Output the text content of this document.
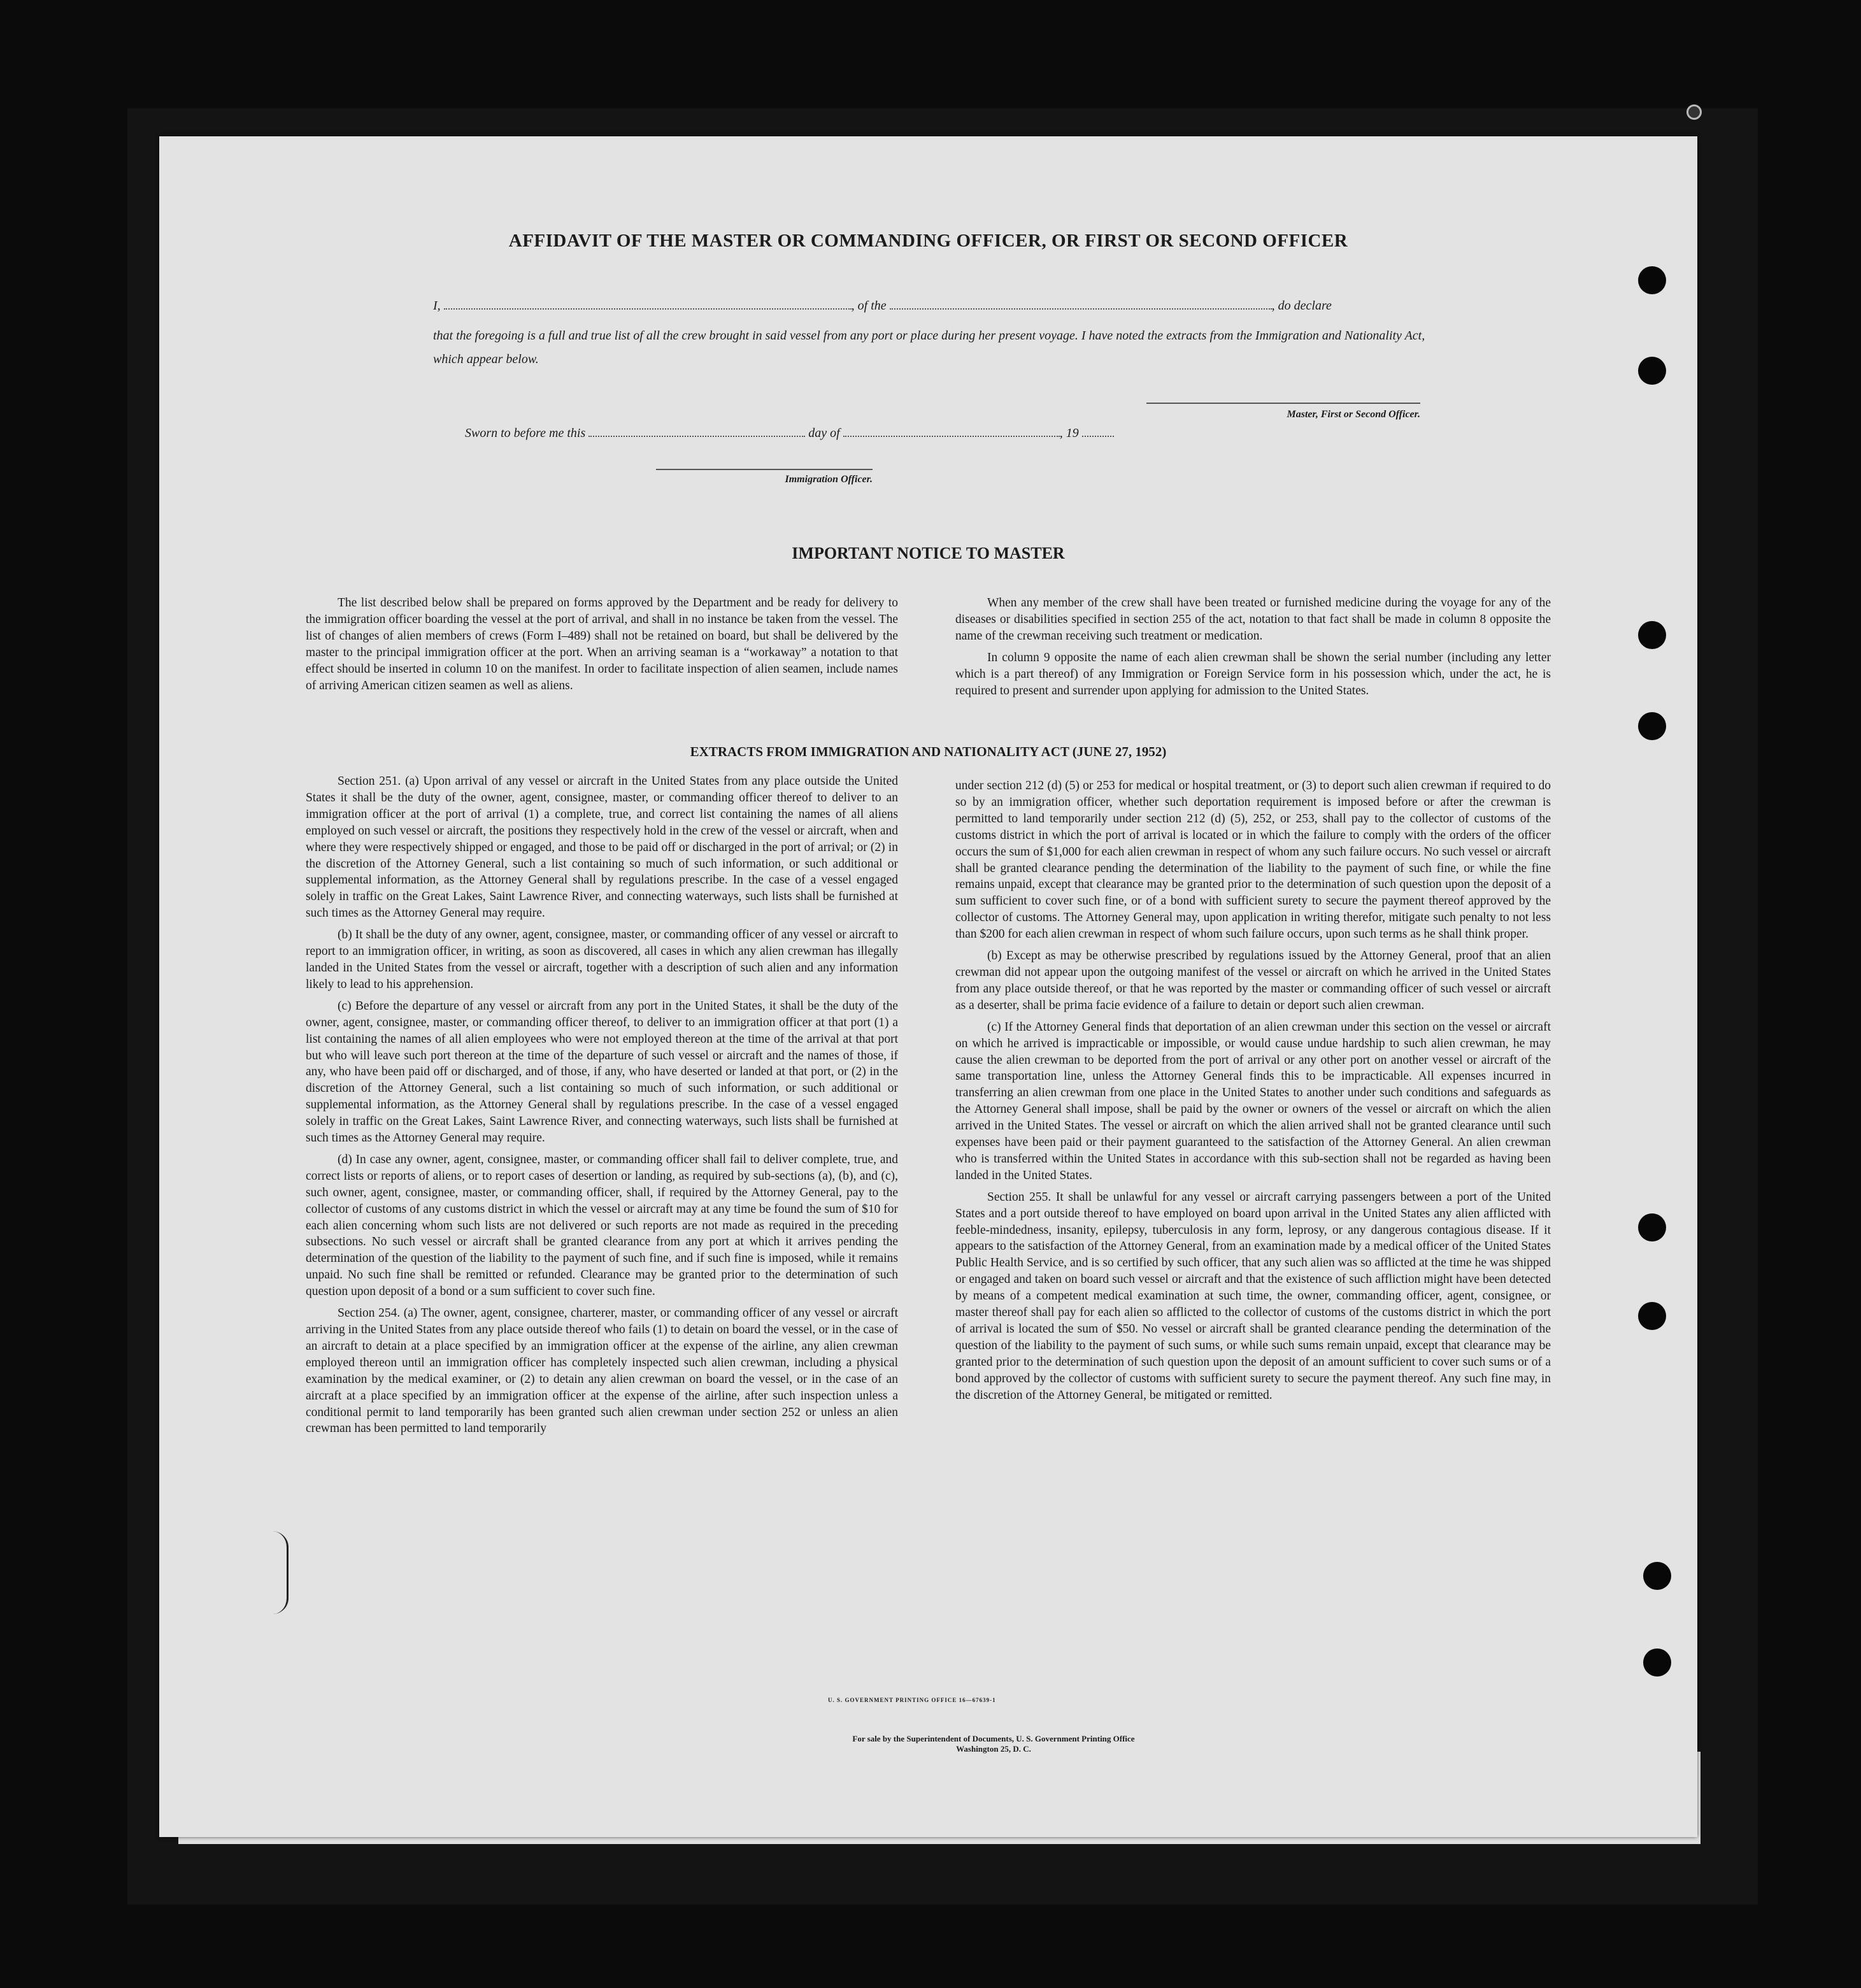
AFFIDAVIT OF THE MASTER OR COMMANDING OFFICER, OR FIRST OR SECOND OFFICER
I,	, of the	, do declare
that the foregoing is a full and true list of all the crew brought in said vessel from any port or place during her present voyage. I have noted the extracts from the Immigration and Nationality Act, which appear below.
Master, First or Second Officer.
Sworn to before me this	day of	, 19
Immigration Officer.
IMPORTANT NOTICE TO MASTER

The list described below shall be prepared on forms approved by the Department and be ready for delivery to the immigration officer boarding the vessel at the port of arrival, and shall in no instance be taken from the vessel. The list of changes of alien members of crews (Form I–489) shall not be retained on board, but shall be delivered by the master to the principal immigration officer at the port. When an arriving seaman is a “workaway” a notation to that effect should be inserted in column 10 on the manifest. In order to facilitate inspection of alien seamen, include names of arriving American citizen seamen as well as aliens.

When any member of the crew shall have been treated or furnished medicine during the voyage for any of the diseases or disabilities specified in section 255 of the act, notation to that fact shall be made in column 8 opposite the name of the crewman receiving such treatment or medication.

In column 9 opposite the name of each alien crewman shall be shown the serial number (including any letter which is a part thereof) of any Immigration or Foreign Service form in his possession which, under the act, he is required to present and surrender upon applying for admission to the United States.

EXTRACTS FROM IMMIGRATION AND NATIONALITY ACT (JUNE 27, 1952)

Section 251. (a) Upon arrival of any vessel or aircraft in the United States from any place outside the United States it shall be the duty of the owner, agent, consignee, master, or commanding officer thereof to deliver to an immigration officer at the port of arrival (1) a complete, true, and correct list containing the names of all aliens employed on such vessel or aircraft, the positions they respectively hold in the crew of the vessel or aircraft, when and where they were respectively shipped or engaged, and those to be paid off or discharged in the port of arrival; or (2) in the discretion of the Attorney General, such a list containing so much of such information, or such additional or supplemental information, as the Attorney General shall by regulations prescribe. In the case of a vessel engaged solely in traffic on the Great Lakes, Saint Lawrence River, and connecting waterways, such lists shall be furnished at such times as the Attorney General may require.

(b) It shall be the duty of any owner, agent, consignee, master, or commanding officer of any vessel or aircraft to report to an immigration officer, in writing, as soon as discovered, all cases in which any alien crewman has illegally landed in the United States from the vessel or aircraft, together with a description of such alien and any information likely to lead to his apprehension.

(c) Before the departure of any vessel or aircraft from any port in the United States, it shall be the duty of the owner, agent, consignee, master, or commanding officer thereof, to deliver to an immigration officer at that port (1) a list containing the names of all alien employees who were not employed thereon at the time of the arrival at that port but who will leave such port thereon at the time of the departure of such vessel or aircraft and the names of those, if any, who have been paid off or discharged, and of those, if any, who have deserted or landed at that port, or (2) in the discretion of the Attorney General, such a list containing so much of such information, or such additional or supplemental information, as the Attorney General shall by regulations prescribe. In the case of a vessel engaged solely in traffic on the Great Lakes, Saint Lawrence River, and connecting waterways, such lists shall be furnished at such times as the Attorney General may require.

(d) In case any owner, agent, consignee, master, or commanding officer shall fail to deliver complete, true, and correct lists or reports of aliens, or to report cases of desertion or landing, as required by sub-sections (a), (b), and (c), such owner, agent, consignee, master, or commanding officer, shall, if required by the Attorney General, pay to the collector of customs of any customs district in which the vessel or aircraft may at any time be found the sum of $10 for each alien concerning whom such lists are not delivered or such reports are not made as required in the preceding subsections. No such vessel or aircraft shall be granted clearance from any port at which it arrives pending the determination of the question of the liability to the payment of such fine, and if such fine is imposed, while it remains unpaid. No such fine shall be remitted or refunded. Clearance may be granted prior to the determination of such question upon deposit of a bond or a sum sufficient to cover such fine.

Section 254. (a) The owner, agent, consignee, charterer, master, or commanding officer of any vessel or aircraft arriving in the United States from any place outside thereof who fails (1) to detain on board the vessel, or in the case of an aircraft to detain at a place specified by an immigration officer at the expense of the airline, any alien crewman employed thereon until an immigration officer has completely inspected such alien crewman, including a physical examination by the medical examiner, or (2) to detain any alien crewman on board the vessel, or in the case of an aircraft at a place specified by an immigration officer at the expense of the airline, after such inspection unless a conditional permit to land temporarily has been granted such alien crewman under section 252 or unless an alien crewman has been permitted to land temporarily

under section 212 (d) (5) or 253 for medical or hospital treatment, or (3) to deport such alien crewman if required to do so by an immigration officer, whether such deportation requirement is imposed before or after the crewman is permitted to land temporarily under section 212 (d) (5), 252, or 253, shall pay to the collector of customs of the customs district in which the port of arrival is located or in which the failure to comply with the orders of the officer occurs the sum of $1,000 for each alien crewman in respect of whom any such failure occurs. No such vessel or aircraft shall be granted clearance pending the determination of the liability to the payment of such fine, or while the fine remains unpaid, except that clearance may be granted prior to the determination of such question upon the deposit of a sum sufficient to cover such fine, or of a bond with sufficient surety to secure the payment thereof approved by the collector of customs. The Attorney General may, upon application in writing therefor, mitigate such penalty to not less than $200 for each alien crewman in respect of whom such failure occurs, upon such terms as he shall think proper.

(b) Except as may be otherwise prescribed by regulations issued by the Attorney General, proof that an alien crewman did not appear upon the outgoing manifest of the vessel or aircraft on which he arrived in the United States from any place outside thereof, or that he was reported by the master or commanding officer of such vessel or aircraft as a deserter, shall be prima facie evidence of a failure to detain or deport such alien crewman.

(c) If the Attorney General finds that deportation of an alien crewman under this section on the vessel or aircraft on which he arrived is impracticable or impossible, or would cause undue hardship to such alien crewman, he may cause the alien crewman to be deported from the port of arrival or any other port on another vessel or aircraft of the same transportation line, unless the Attorney General finds this to be impracticable. All expenses incurred in transferring an alien crewman from one place in the United States to another under such conditions and safeguards as the Attorney General shall impose, shall be paid by the owner or owners of the vessel or aircraft on which the alien arrived in the United States. The vessel or aircraft on which the alien arrived shall not be granted clearance until such expenses have been paid or their payment guaranteed to the satisfaction of the Attorney General. An alien crewman who is transferred within the United States in accordance with this sub-section shall not be regarded as having been landed in the United States.

Section 255. It shall be unlawful for any vessel or aircraft carrying passengers between a port of the United States and a port outside thereof to have employed on board upon arrival in the United States any alien afflicted with feeble-mindedness, insanity, epilepsy, tuberculosis in any form, leprosy, or any dangerous contagious disease. If it appears to the satisfaction of the Attorney General, from an examination made by a medical officer of the United States Public Health Service, and is so certified by such officer, that any such alien was so afflicted at the time he was shipped or engaged and taken on board such vessel or aircraft and that the existence of such affliction might have been detected by means of a competent medical examination at such time, the owner, commanding officer, agent, consignee, or master thereof shall pay for each alien so afflicted to the collector of customs of the customs district in which the port of arrival is located the sum of $50. No vessel or aircraft shall be granted clearance pending the determination of the question of the liability to the payment of such sums, or while such sums remain unpaid, except that clearance may be granted prior to the determination of such question upon the deposit of an amount sufficient to cover such sums or of a bond approved by the collector of customs with sufficient surety to secure the payment thereof. Any such fine may, in the discretion of the Attorney General, be mitigated or remitted.

U. S. GOVERNMENT PRINTING OFFICE 16—67639-1
For sale by the Superintendent of Documents, U. S. Government Printing Office
Washington 25, D. C.
